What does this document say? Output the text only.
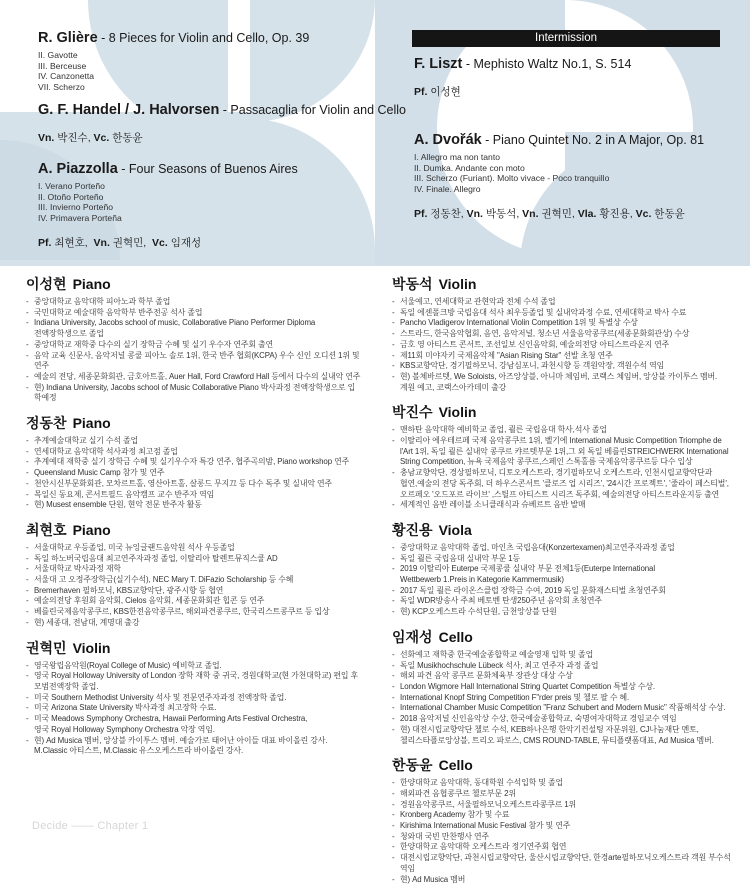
R. Glière - 8 Pieces for Violin and Cello, Op. 39

II. Gavotte
III. Berceuse
IV. Canzonetta
VII. Scherzo

G. F. Handel / J. Halvorsen - Passacaglia for Violin and Cello

Vn. 박진수, Vc. 한동윤

A. Piazzolla - Four Seasons of Buenos Aires

I. Verano Porteño
II. Otoño Porteño
III. Invierno Porteño
IV. Primavera Porteña
Pf. 최현호,  Vn. 권혁민,  Vc. 임재성
Intermission

F. Liszt - Mephisto Waltz No.1, S. 514

Pf. 이성현

A. Dvořák - Piano Quintet No. 2 in A Major, Op. 81

I. Allegro ma non tanto
II. Dumka. Andante con moto
III. Scherzo (Furiant). Molto vivace - Poco tranquillo
IV. Finale. Allegro
Pf. 정동찬, Vn. 박동석, Vn. 권혁민, Vla. 황진용, Vc. 한동윤
이성현 Piano
- 중앙대학교 음악대학 피아노과 학부 졸업
- 국민대학교 예술대학 음악학부 반주전공 석사 졸업
- Indiana University, Jacobs school of music, Collaborative Piano Performer Diploma
전액장학생으로 졸업
- 중앙대학교 재학중 다수의 실기 장학금 수혜 및 실기 우수자 연주회 출연
- 음악 교육 신문사, 음악저널 콩쿨 피아노 솔로 1위, 한국 반주 협회(KCPA) 우수 신인 오디션 1위 및 연주
- 예술의 전당, 세종문화회관, 금호아트홀, Auer Hall, Ford Crawford Hall 등에서 다수의 실내악 연주
- 현) Indiana University, Jacobs school of Music Collaborative Piano 박사과정 전액장학생으로 입학예정
정동찬 Piano
- 추계예술대학교 실기 수석 졸업
- 연세대학교 음악대학 석사과정 최고점 졸업
- 추계예대 재학중 실기 장학금 수혜 및 실기우수자 특강 연주, 협주곡의밤, Piano workshop 연주
- Queensland Music Camp 참가 및 연주
- 천안시신부문화회관, 모차르트홀, 영산아트홀, 살롱드 무지끄 등 다수 독주 및 실내악 연주
- 목일신 동요제, 콘서트필드 음악캠프 교수 반주자 역임
- 현) Musest ensemble 단원, 현악 전문 반주자 활동
최현호 Piano
- 서울대학교 우등졸업, 미국 뉴잉글랜드음악원 석사 우등졸업
- 독일 하노버국립음대 최고연주자과정 졸업, 이탈리아 탈렌트뮤직스쿨 AD
- 서울대학교 박사과정 재학
- 서울대 고 오정주장학금(실기수석), NEC Mary T. DiFazio Scholarship 등 수혜
- Bremerhaven 필하모닉, KBS교향악단, 광주시향 등 협연
- 예술의전당 후원회 음악회, Cielos 음악회, 세종문화회관 힙콘 등 연주
- 베를린국제음악콩쿠르, KBS한전음악콩쿠르, 해외파견콩쿠르, 한국리스트콩쿠르 등 입상
- 현) 세종대, 전남대, 계명대 출강
권혁민 Violin
- 영국왕립음악원(Royal College of Music) 예비학교 졸업.
- 영국 Royal Holloway University of London 장학 재학 중 귀국, 경원대학교(현 가천대학교) 편입 후
모범전액장학 졸업.
- 미국 Southern Methodist University 석사 및 전문연주자과정 전액장학 졸업.
- 미국 Arizona State University 박사과정 최고장학 수료.
- 미국 Meadows Symphony Orchestra, Hawaii Performing Arts Festival Orchestra,
영국 Royal Holloway Symphony Orchestra 악장 역임.
- 현) Ad Musica 멤버, 앙상블 카이투스 멤버. 예술가로 태어난 아이들 대표 바이올린 강사.
M.Classic 아티스트, M.Classic 유스오케스트라 바이올린 강사.
박동석 Violin
- 서울예고, 연세대학교 관현악과 전체 수석 졸업
- 독일 에센폴크방 국립음대 석사 최우등졸업 및 실내악과정 수료, 연세대학교 박사 수료
- Pancho Vladigerov International Violin Competition 1위 및 특별상 수상
- 스트라드, 한국음악협회, 음연, 음악저널, 청소년 서울음악콩쿠르(세종문화회관상) 수상
- 금호 영 아티스트 콘서트, 조선일보 신인음악회, 예술의전당 아티스트라운지 연주
- 제11회 미야자키 국제음악제 "Asian Rising Star" 선발 초청 연주
- KBS교향악단, 경기필하모닉, 강남심포니, 과천시향 등 객원악장, 객원수석 역임
- 현) 볼체바르텟, We Soloists, 아즈앙상블, 아니마 체임버, 코랙스 체임버, 앙상블 카이투스 멤버.
계원 예고, 코랙스아카데미 출강
박진수 Violin
- 맨하탄 음악대학 예비학교 졸업, 쾰른 국립음대 학사,석사 졸업
- 이탈리아 에우테르페 국제 음악콩쿠르 1위, 벨기에 International Music Competition Triomphe de
l'Art 1위, 독일 쾰른 실내악 콩쿠르 캬르텟부문 1위,그 외 독일 베를린STREICHWERK International
String Competition, 뉴욕 국제음악 콩쿠르,스페인 스톡홀름 국제음악콩쿠르등 다수 입상
- 충남교향악단, 경상필하모닉, 디토오케스트라, 경기필하모닉 오케스트라, 인천시립교향악단과
협연,예술의 전당 독주회, 더 하우스콘서트 '클로즈 업 시리즈', '24시간 프로젝트', '줄라이 페스티벌',
오르페오 '오드포르 라이브' ,스틸프 아티스트 시리즈 독주회, 예술의전당 아티스트라운지등 출연
- 세계적인 음반 레이블 소니클래식과 슈베르트 음반 발매
황진용 Viola
- 중앙대학교 음악대학 졸업, 마인츠 국립음대(Konzertexamen)최고연주자과정 졸업
- 독일 쾰른 국립음대 실내악 부문 1등
- 2019 이탈리아 Euterpe 국제콩쿨 실내악 부문 전체1등(Euterpe International
Wettbewerb 1.Preis in Kategorie Kammermusik)
- 2017 독일 쾰른 라이온스클럽 장학금 수여, 2019 독일 문화재스티벌 초청연주회
- 독일 WDR방송사 주최 베토벤 탄생250주년 음악회 초청연주
- 현) KCP오케스트라 수석단원, 금천앙상블 단원
임재성 Cello
- 선화예고 재학중 한국예술종합학교 예술영재 입학 및 졸업
- 독일 Musikhochschule Lübeck 석사, 최고 연주자 과정 졸업
- 해외 파견 음악 콩쿠르 문화체육부 장관상 대상 수상
- London Wigmore Hall International String Quartet Competition 특별상 수상.
- International Knopf String Competition F"rder preis 및 첼로 팔 수 혜.
- International Chamber Music Competition "Franz Schubert and Modern Music" 작품해석상 수상.
- 2018 음악저널 신인음악상 수상, 한국예술종합학교, 숙명여자대학교 경임교수 역임
- 현) 대전시립교향악단 첼로 수석, KEB하나은행 한악기컨설팅 자문위원, CJ나눔재단 멘토,
첼리스타플로앙상블, 트리오 파로스, CMS ROUND-TABLE, 뮤티플랫폼대표, Ad Musica 멤버.
한동윤 Cello
- 한양대학교 음악대학, 동대학원 수석입학 및 졸업
- 해외파견 음협콩쿠르 첼로부문 2위
- 경원음악콩쿠르, 서울필하모닉오케스트라콩쿠르 1위
- Kronberg Academy 참가 및 수료
- Kirishima International Music Festival 참가 및 연주
- 청와대 국빈 만찬행사 연주
- 한양대학교 음악대학 오케스트라 정기연주회 협연
- 대전시립교향악단, 과천시립교향악단, 울산시립교향악단, 한경arte필하모닉오케스트라 객원 부수석 역임
- 현) Ad Musica 멤버
Decide —— Chapter 1
